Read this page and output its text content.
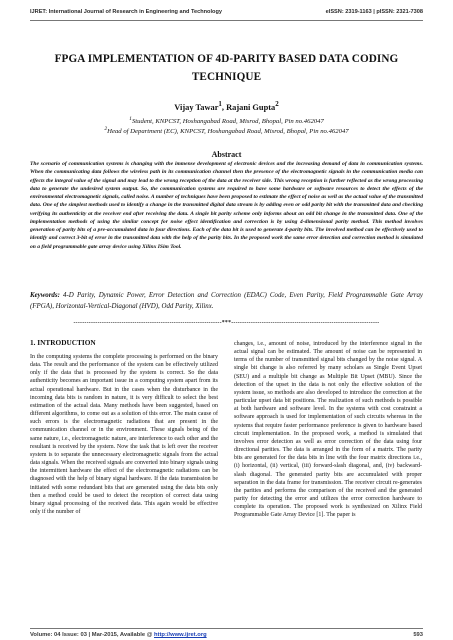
IJRET: International Journal of Research in Engineering and Technology	eISSN: 2319-1163 | pISSN: 2321-7308
FPGA IMPLEMENTATION OF 4D-PARITY BASED DATA CODING TECHNIQUE
Vijay Tawar$^1$, Rajani Gupta$^2$
$^1$Student, KNPCST, Hoshangabad Road, Misrod, Bhopal, Pin no.462047
$^2$Head of Department (EC), KNPCST, Hoshangabad Road, Misrod, Bhopal, Pin no.462047
Abstract

The scenario of communication systems is changing with the immense development of electronic devices and the increasing demand of data in communication systems. When the communicating data follows the wireless path in its communication channel then the presence of the electromagnetic signals in the communication media can effects the integral value of the signal and may lead to the wrong reception of the data at the receiver side. This wrong reception is further reflected as the wrong processing data to generate the undesired system output. So, the communication systems are required to have some hardware or software resources to detect the effects of the environmental electromagnetic signals, called noise. A number of techniques have been proposed to estimate the effect of noise as well as the actual value of the transmitted data. One of the simplest methods used to identify a change in the transmitted digital data stream is by adding even or odd parity bit with the transmitted data and checking verifying its authenticity at the receiver end after receiving the data. A single bit parity scheme only informs about an odd bit change in the transmitted data. One of the implementation methods of using the similar concept for noise effect identification and correction is by using 4-dimensional parity method. This method involves generation of parity bits of a pre-accumulated data in four directions. Each of the data bit is used to generate 4-parity bits. The involved method can be effectively used to identify and correct 3-bit of error in the transmitted data with the help of the parity bits. In the proposed work the same error detection and correction method is simulated on a field programmable gate array device using Xilinx ISim Tool.

Keywords: 4-D Parity, Dynamic Power, Error Detection and Correction (EDAC) Code, Even Parity, Field Programmable Gate Array (FPGA), Horizontal-Vertical-Diagonal (HVD), Odd Parity, Xilinx.

--------------------------------------------------------------------***--------------------------------------------------------------------
1. INTRODUCTION

In the computing systems the complete processing is performed on the binary data. The result and the performance of the system can be effectively utilized only if the data that is processed by the system is correct. So the data authenticity becomes an important issue in a computing system apart from its actual operational hardware. But in the cases when the disturbance in the incoming data bits is random in nature, it is very difficult to select the best estimation of the actual data. Many methods have been suggested, based on different algorithms, to come out as a solution of this error. The main cause of such errors is the electromagnetic radiations that are present in the communication channel or in the environment. These signals being of the same nature, i.e., electromagnetic nature, are interference to each other and the resultant is received by the system. Now the task that is left over the receiver system is to separate the unnecessary electromagnetic signals from the actual data signals. When the received signals are converted into binary signals using the intermittent hardware the effect of the electromagnetic radiations can be diagnosed with the help of binary signal hardware. If the data transmission be initiated with some redundant bits that are generated using the data bits only then a method could be used to detect the reception of correct data using binary signal processing of the received data. This again would be effective only if the number of

changes, i.e., amount of noise, introduced by the interference signal in the actual signal can be estimated. The amount of noise can be represented in terms of the number of transmitted signal bits changed by the noise signal. A single bit change is also referred by many scholars as Single Event Upset (SEU) and a multiple bit change as Multiple Bit Upset (MBU). Since the detection of the upset in the data is not only the effective solution of the system issue, so methods are also developed to introduce the correction at the particular upset data bit positions. The realization of such methods is possible at both hardware and software level. In the systems with cost constraint a software approach is used for implementation of such circuits whereas in the systems that require faster performance preference is given to hardware based circuit implementation. In the proposed work, a method is simulated that involves error detection as well as error correction of the data using four directional parities. The data is arranged in the form of a matrix. The parity bits are generated for the data bits in line with the four matrix directions i.e., (i) horizontal, (ii) vertical, (iii) forward-slash diagonal, and, (iv) backward-slash diagonal. The generated parity bits are accumulated with proper separation in the data frame for transmission. The receiver circuit re-generates the parities and performs the comparison of the received and the generated parity for detecting the error and utilizes the error correction hardware to complete its operation. The proposed work is synthesized on Xilinx Field Programmable Gate Array Device [1]. The paper is

Volume: 04 Issue: 03 | Mar-2015, Available @ http://www.ijret.org	593
